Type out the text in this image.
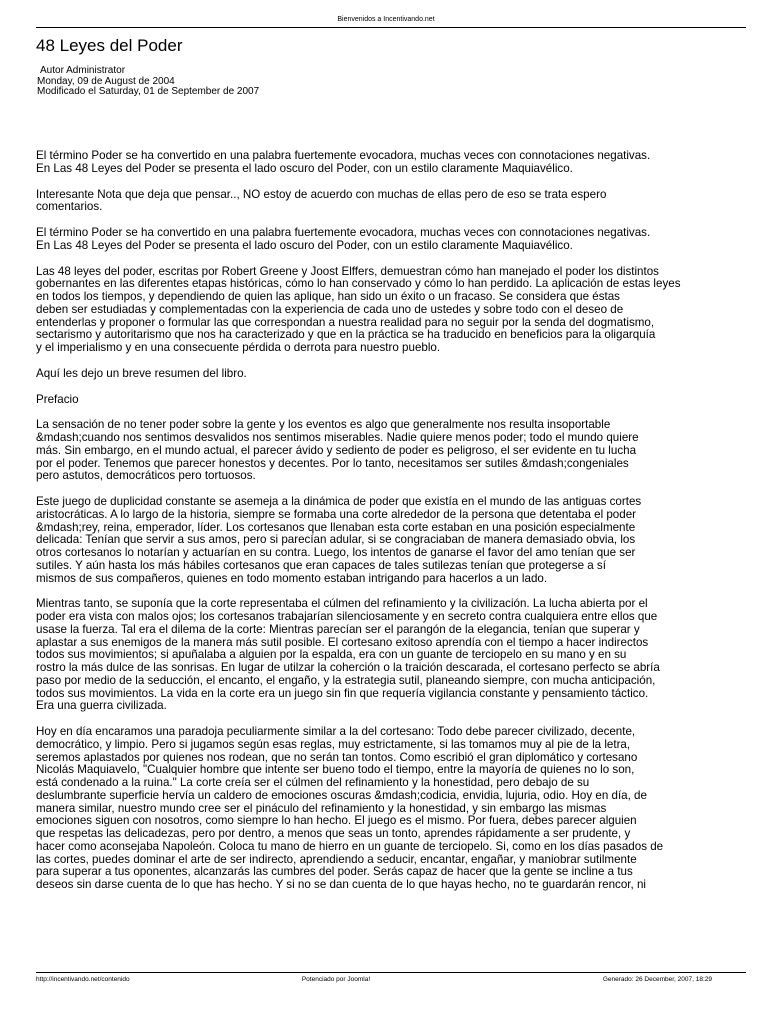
Bienvenidos a Incentivando.net
48 Leyes del Poder
Autor Administrator
Monday, 09 de August de 2004
Modificado el Saturday, 01 de September de 2007

El término Poder se ha convertido en una palabra fuertemente evocadora, muchas veces con connotaciones negativas.
En Las 48 Leyes del Poder se presenta el lado oscuro del Poder, con un estilo claramente Maquiavélico.

Interesante Nota que deja que pensar.., NO estoy de acuerdo con muchas de ellas pero de eso se trata espero
comentarios.

El término Poder se ha convertido en una palabra fuertemente evocadora, muchas veces con connotaciones negativas.
En Las 48 Leyes del Poder se presenta el lado oscuro del Poder, con un estilo claramente Maquiavélico.

Las 48 leyes del poder, escritas por Robert Greene y Joost Elffers, demuestran cómo han manejado el poder los distintos
gobernantes en las diferentes etapas históricas, cómo lo han conservado y cómo lo han perdido. La aplicación de estas leyes
en todos los tiempos, y dependiendo de quien las aplique, han sido un éxito o un fracaso. Se considera que éstas
deben ser estudiadas y complementadas con la experiencia de cada uno de ustedes y sobre todo con el deseo de
entenderlas y proponer o formular las que correspondan a nuestra realidad para no seguir por la senda del dogmatismo,
sectarismo y autoritarismo que nos ha caracterizado y que en la práctica se ha traducido en beneficios para la oligarquía
y el imperialismo y en una consecuente pérdida o derrota para nuestro pueblo.

Aquí les dejo un breve resumen del libro.

Prefacio

La sensación de no tener poder sobre la gente y los eventos es algo que generalmente nos resulta insoportable
&mdash;cuando nos sentimos desvalidos nos sentimos miserables. Nadie quiere menos poder; todo el mundo quiere
más. Sin embargo, en el mundo actual, el parecer ávido y sediento de poder es peligroso, el ser evidente en tu lucha
por el poder. Tenemos que parecer honestos y decentes. Por lo tanto, necesitamos ser sutiles &mdash;congeniales
pero astutos, democráticos pero tortuosos.

Este juego de duplicidad constante se asemeja a la dinámica de poder que existía en el mundo de las antiguas cortes
aristocráticas. A lo largo de la historia, siempre se formaba una corte alrededor de la persona que detentaba el poder
&mdash;rey, reina, emperador, líder. Los cortesanos que llenaban esta corte estaban en una posición especialmente
delicada: Tenían que servir a sus amos, pero si parecían adular, si se congraciaban de manera demasiado obvia, los
otros cortesanos lo notarían y actuarían en su contra. Luego, los intentos de ganarse el favor del amo tenían que ser
sutiles. Y aún hasta los más hábiles cortesanos que eran capaces de tales sutilezas tenían que protegerse a sí
mismos de sus compañeros, quienes en todo momento estaban intrigando para hacerlos a un lado.

Mientras tanto, se suponía que la corte representaba el cúlmen del refinamiento y la civilización. La lucha abierta por el
poder era vista con malos ojos; los cortesanos trabajarían silenciosamente y en secreto contra cualquiera entre ellos que
usase la fuerza. Tal era el dilema de la corte: Mientras parecían ser el parangón de la elegancia, tenían que superar y
aplastar a sus enemigos de la manera más sutil posible. El cortesano exitoso aprendía con el tiempo a hacer indirectos
todos sus movimientos; si apuñalaba a alguien por la espalda, era con un guante de terciopelo en su mano y en su
rostro la más dulce de las sonrisas. En lugar de utilzar la coherción o la traición descarada, el cortesano perfecto se abría
paso por medio de la seducción, el encanto, el engaño, y la estrategia sutil, planeando siempre, con mucha anticipación,
todos sus movimientos. La vida en la corte era un juego sin fin que requería vigilancia constante y pensamiento táctico.
Era una guerra civilizada.

Hoy en día encaramos una paradoja peculiarmente similar a la del cortesano: Todo debe parecer civilizado, decente,
democrático, y limpio. Pero si jugamos según esas reglas, muy estrictamente, si las tomamos muy al pie de la letra,
seremos aplastados por quienes nos rodean, que no serán tan tontos. Como escribió el gran diplomático y cortesano
Nicolás Maquiavelo, "Cualquier hombre que intente ser bueno todo el tiempo, entre la mayoría de quienes no lo son,
está condenado a la ruina." La corte creía ser el cúlmen del refinamiento y la honestidad, pero debajo de su
deslumbrante superficie hervía un caldero de emociones oscuras &mdash;codicia, envidia, lujuria, odio. Hoy en día, de
manera similar, nuestro mundo cree ser el pináculo del refinamiento y la honestidad, y sin embargo las mismas
emociones siguen con nosotros, como siempre lo han hecho. El juego es el mismo. Por fuera, debes parecer alguien
que respetas las delicadezas, pero por dentro, a menos que seas un tonto, aprendes rápidamente a ser prudente, y
hacer como aconsejaba Napoleón. Coloca tu mano de hierro en un guante de terciopelo. Si, como en los días pasados de
las cortes, puedes dominar el arte de ser indirecto, aprendiendo a seducir, encantar, engañar, y maniobrar sutilmente
para superar a tus oponentes, alcanzarás las cumbres del poder. Serás capaz de hacer que la gente se incline a tus
deseos sin darse cuenta de lo que has hecho. Y si no se dan cuenta de lo que hayas hecho, no te guardarán rencor, ni

http://incentivando.net/contenido	Potenciado por Joomla!	Generado: 26 December, 2007, 18:29
